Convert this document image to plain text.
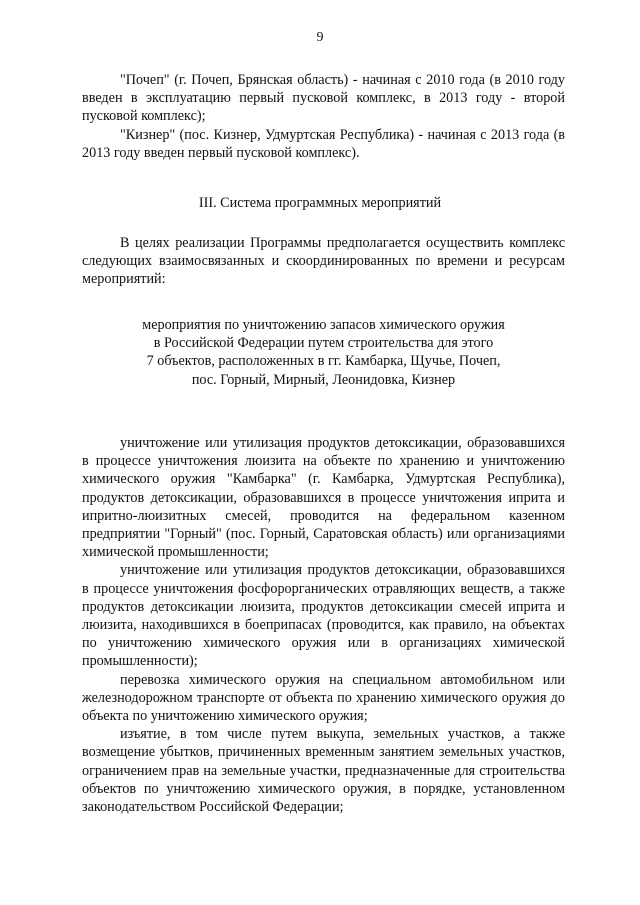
9

"Почеп" (г. Почеп, Брянская область) - начиная с 2010 года (в 2010 году введен в эксплуатацию первый пусковой комплекс, в 2013 году - второй пусковой комплекс);

"Кизнер" (пос. Кизнер, Удмуртская Республика) - начиная с 2013 года (в 2013 году введен первый пусковой комплекс).

III. Система программных мероприятий

В целях реализации Программы предполагается осуществить комплекс следующих взаимосвязанных и скоординированных по времени и ресурсам мероприятий:

мероприятия по уничтожению запасов химического оружия
в Российской Федерации путем строительства для этого
7 объектов, расположенных в гг. Камбарка, Щучье, Почеп,
пос. Горный, Мирный, Леонидовка, Кизнер

уничтожение или утилизация продуктов детоксикации, образовавшихся в процессе уничтожения люизита на объекте по хранению и уничтожению химического оружия "Камбарка" (г. Камбарка, Удмуртская Республика), продуктов детоксикации, образовавшихся в процессе уничтожения иприта и ипритно-люизитных смесей, проводится на федеральном казенном предприятии "Горный" (пос. Горный, Саратовская область) или организациями химической промышленности;

уничтожение или утилизация продуктов детоксикации, образовавшихся в процессе уничтожения фосфорорганических отравляющих веществ, а также продуктов детоксикации люизита, продуктов детоксикации смесей иприта и люизита, находившихся в боеприпасах (проводится, как правило, на объектах по уничтожению химического оружия или в организациях химической промышленности);

перевозка химического оружия на специальном автомобильном или железнодорожном транспорте от объекта по хранению химического оружия до объекта по уничтожению химического оружия;

изъятие, в том числе путем выкупа, земельных участков, а также возмещение убытков, причиненных временным занятием земельных участков, ограничением прав на земельные участки, предназначенные для строительства объектов по уничтожению химического оружия, в порядке, установленном законодательством Российской Федерации;
